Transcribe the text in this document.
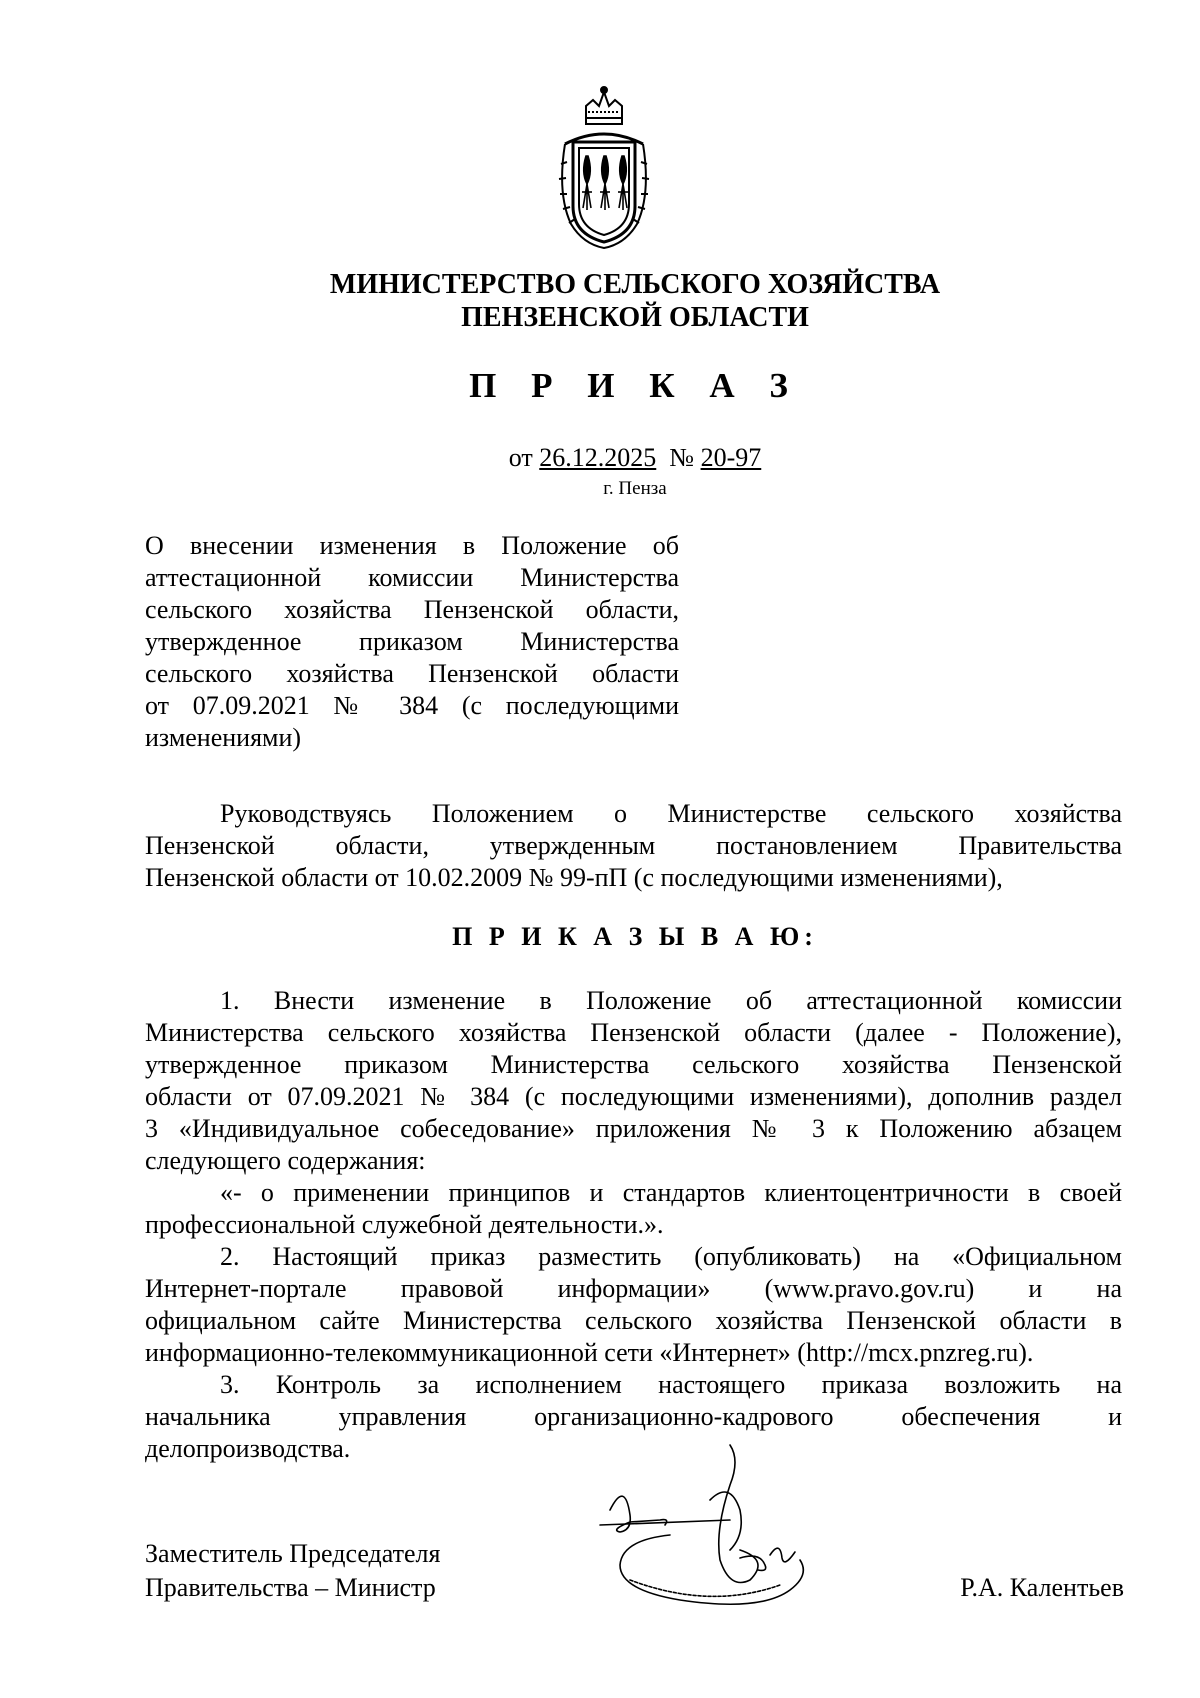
МИНИСТЕРСТВО СЕЛЬСКОГО ХОЗЯЙСТВА
ПЕНЗЕНСКОЙ ОБЛАСТИ
П Р И К А З
от 26.12.2025 № 20-97
г. Пенза
О внесении изменения в Положение об
аттестационной комиссии Министерства
сельского хозяйства Пензенской области,
утвержденное приказом Министерства
сельского хозяйства Пензенской области
от 07.09.2021 № 384 (с последующими
изменениями)
Руководствуясь Положением о Министерстве сельского хозяйства
Пензенской области, утвержденным постановлением Правительства
Пензенской области от 10.02.2009 № 99-пП (с последующими изменениями),
П Р И К А З Ы В А Ю:
1. Внести изменение в Положение об аттестационной комиссии
Министерства сельского хозяйства Пензенской области (далее - Положение),
утвержденное приказом Министерства сельского хозяйства Пензенской
области от 07.09.2021 № 384 (с последующими изменениями), дополнив раздел
3 «Индивидуальное собеседование» приложения № 3 к Положению абзацем
следующего содержания:
«- о применении принципов и стандартов клиентоцентричности в своей
профессиональной служебной деятельности.».
2. Настоящий приказ разместить (опубликовать) на «Официальном
Интернет-портале правовой информации» (www.pravo.gov.ru) и на
официальном сайте Министерства сельского хозяйства Пензенской области в
информационно-телекоммуникационной сети «Интернет» (http://mcx.pnzreg.ru).
3. Контроль за исполнением настоящего приказа возложить на
начальника управления организационно-кадрового обеспечения и
делопроизводства.
Заместитель Председателя
Правительства – Министр	Р.А. Калентьев
